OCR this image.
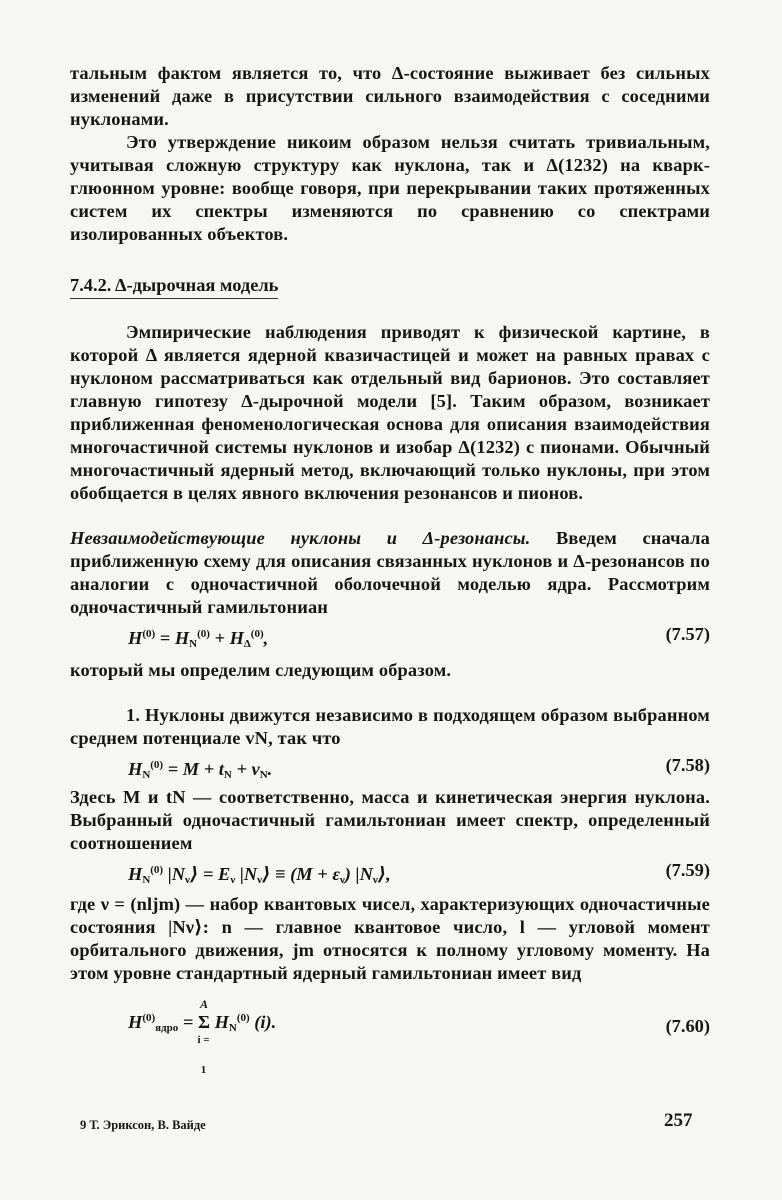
тальным фактом является то, что Δ-состояние выживает без сильных изменений даже в присутствии сильного взаимодействия с соседними нуклонами.

Это утверждение никоим образом нельзя считать тривиальным, учитывая сложную структуру как нуклона, так и Δ(1232) на кварк-глюонном уровне: вообще говоря, при перекрывании таких протяженных систем их спектры изменяются по сравнению со спектрами изолированных объектов.

7.4.2. Δ-дырочная модель

Эмпирические наблюдения приводят к физической картине, в которой Δ является ядерной квазичастицей и может на равных правах с нуклоном рассматриваться как отдельный вид барионов. Это составляет главную гипотезу Δ-дырочной модели [5]. Таким образом, возникает приближенная феноменологическая основа для описания взаимодействия многочастичной системы нуклонов и изобар Δ(1232) с пионами. Обычный многочастичный ядерный метод, включающий только нуклоны, при этом обобщается в целях явного включения резонансов и пионов.

Невзаимодействующие нуклоны и Δ-резонансы. Введем сначала приближенную схему для описания связанных нуклонов и Δ-резонансов по аналогии с одночастичной оболочечной моделью ядра. Рассмотрим одночастичный гамильтониан

$H^{(0)} = H_N^{(0)} + H_\Delta^{(0)}$,	(7.57)

который мы определим следующим образом.

1. Нуклоны движутся независимо в подходящем образом выбранном среднем потенциале vN, так что

$H_N^{(0)} = M + t_N + v_N$.	(7.58)

Здесь M и tN — соответственно, масса и кинетическая энергия нуклона. Выбранный одночастичный гамильтониан имеет спектр, определенный соотношением

$H_N^{(0)}$ $|N_\nu⟩ = E_\nu$ $|N_\nu⟩ \equiv (M + \varepsilon_\nu)$ $|N_\nu⟩$,	(7.59)

где ν = (nljm) — набор квантовых чисел, характеризующих одночастичные состояния |Nν⟩: n — главное квантовое число, l — угловой момент орбитального движения, jm относятся к полному угловому моменту. На этом уровне стандартный ядерный гамильтониан имеет вид

$H^{(0)}_{ядро} = \Sigma$
A
i = 1
$H_N^{(0)}$ (i).	(7.60)
9 Т. Эриксон, В. Вайде	257
